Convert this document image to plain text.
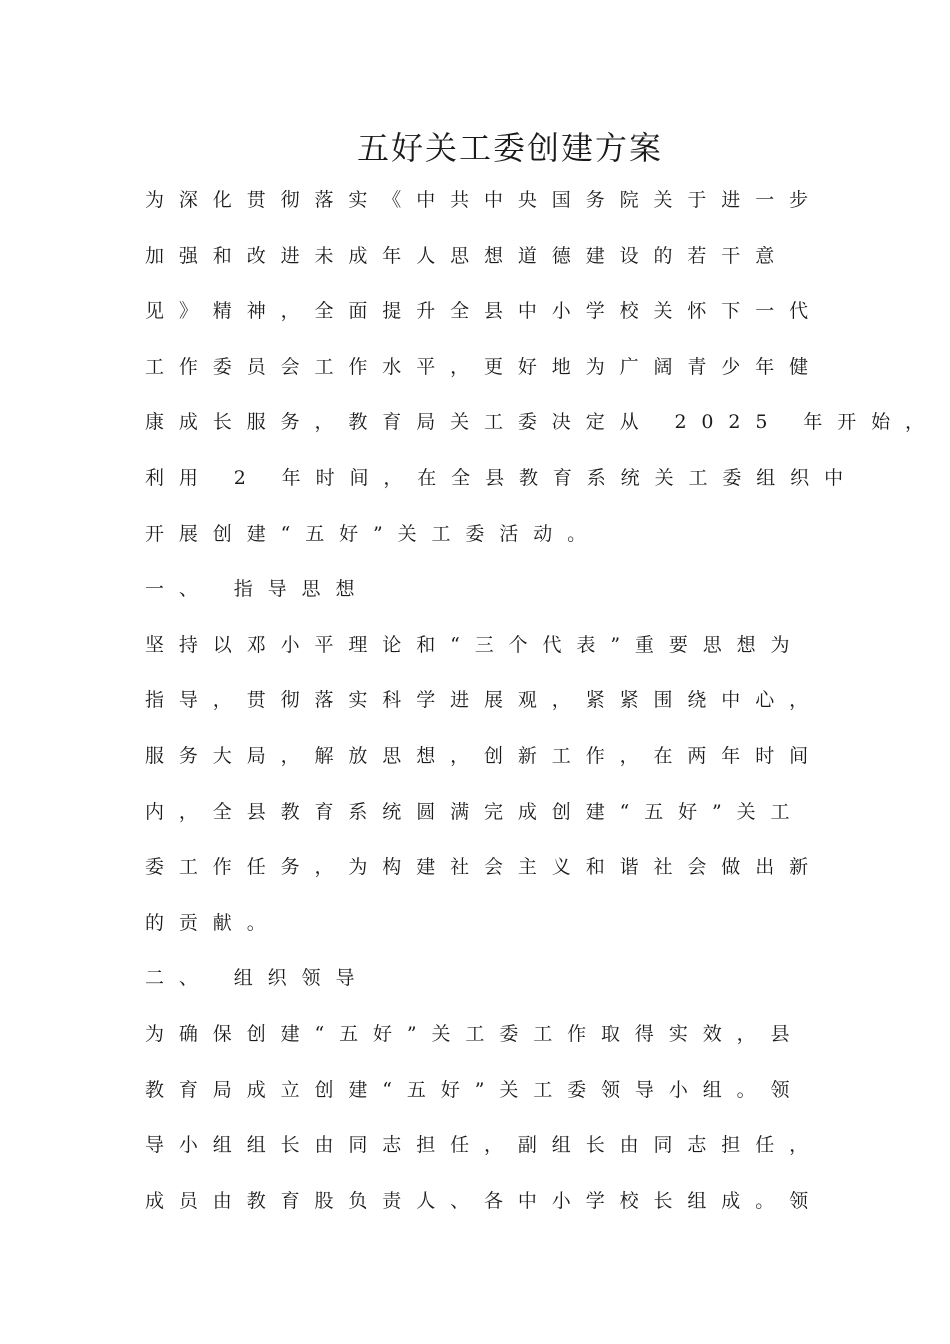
五好关工委创建方案
为深化贯彻落实《中共中央国务院关于进一步
加强和改进未成年人思想道德建设的若干意
见》精神，全面提升全县中小学校关怀下一代
工作委员会工作水平，更好地为广阔青少年健
康成长服务，教育局关工委决定从 2025 年开始，
利用 2 年时间，在全县教育系统关工委组织中
开展创建“五好”关工委活动。
一、 指导思想
坚持以邓小平理论和“三个代表”重要思想为
指导，贯彻落实科学进展观，紧紧围绕中心，
服务大局，解放思想，创新工作，在两年时间
内，全县教育系统圆满完成创建“五好”关工
委工作任务，为构建社会主义和谐社会做出新
的贡献。
二、 组织领导
为确保创建“五好”关工委工作取得实效，县
教育局成立创建“五好”关工委领导小组。领
导小组组长由同志担任，副组长由同志担任，
成员由教育股负责人、各中小学校长组成。领
